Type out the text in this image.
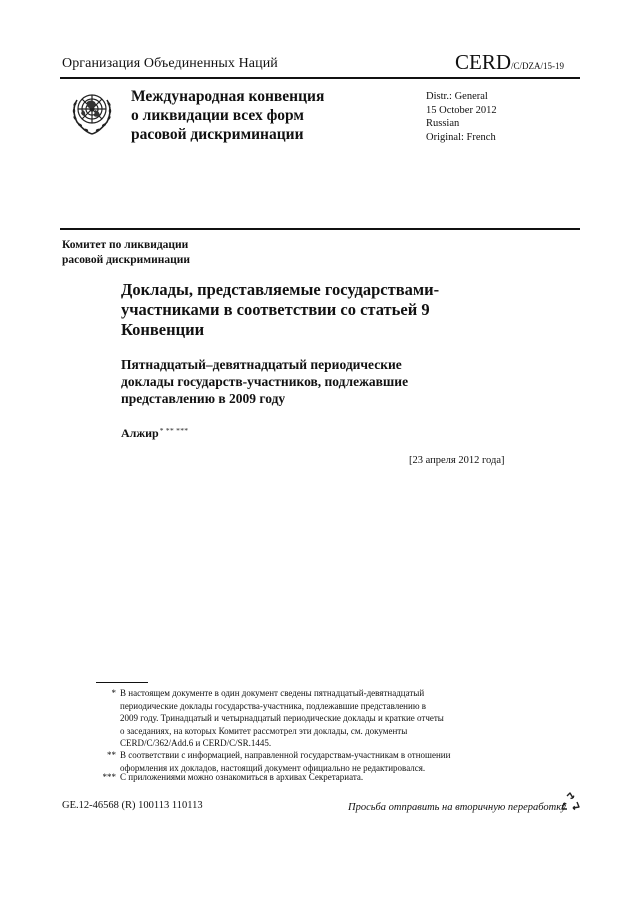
Организация Объединенных Наций	CERD/C/DZA/15-19
Международная конвенция
о ликвидации всех форм
расовой дискриминации
Distr.: General
15 October 2012
Russian
Original: French
Комитет по ликвидации
расовой дискриминации
Доклады, представляемые государствами-
участниками в соответствии со статьей 9
Конвенции
Пятнадцатый–девятнадцатый периодические
доклады государств-участников, подлежавшие
представлению в 2009 году
Алжир* ** ***
[23 апреля 2012 года]
* В настоящем документе в один документ сведены пятнадцатый-девятнадцатый
периодические доклады государства-участника, подлежавшие представлению в
2009 году. Тринадцатый и четырнадцатый периодические доклады и краткие отчеты
о заседаниях, на которых Комитет рассмотрел эти доклады, см. документы
CERD/C/362/Add.6 и CERD/C/SR.1445.
** В соответствии с информацией, направленной государствам-участникам в отношении
оформления их докладов, настоящий документ официально не редактировался.
*** С приложениями можно ознакомиться в архивах Секретариата.
GE.12-46568 (R) 100113 110113	Просьба отправить на вторичную переработку
